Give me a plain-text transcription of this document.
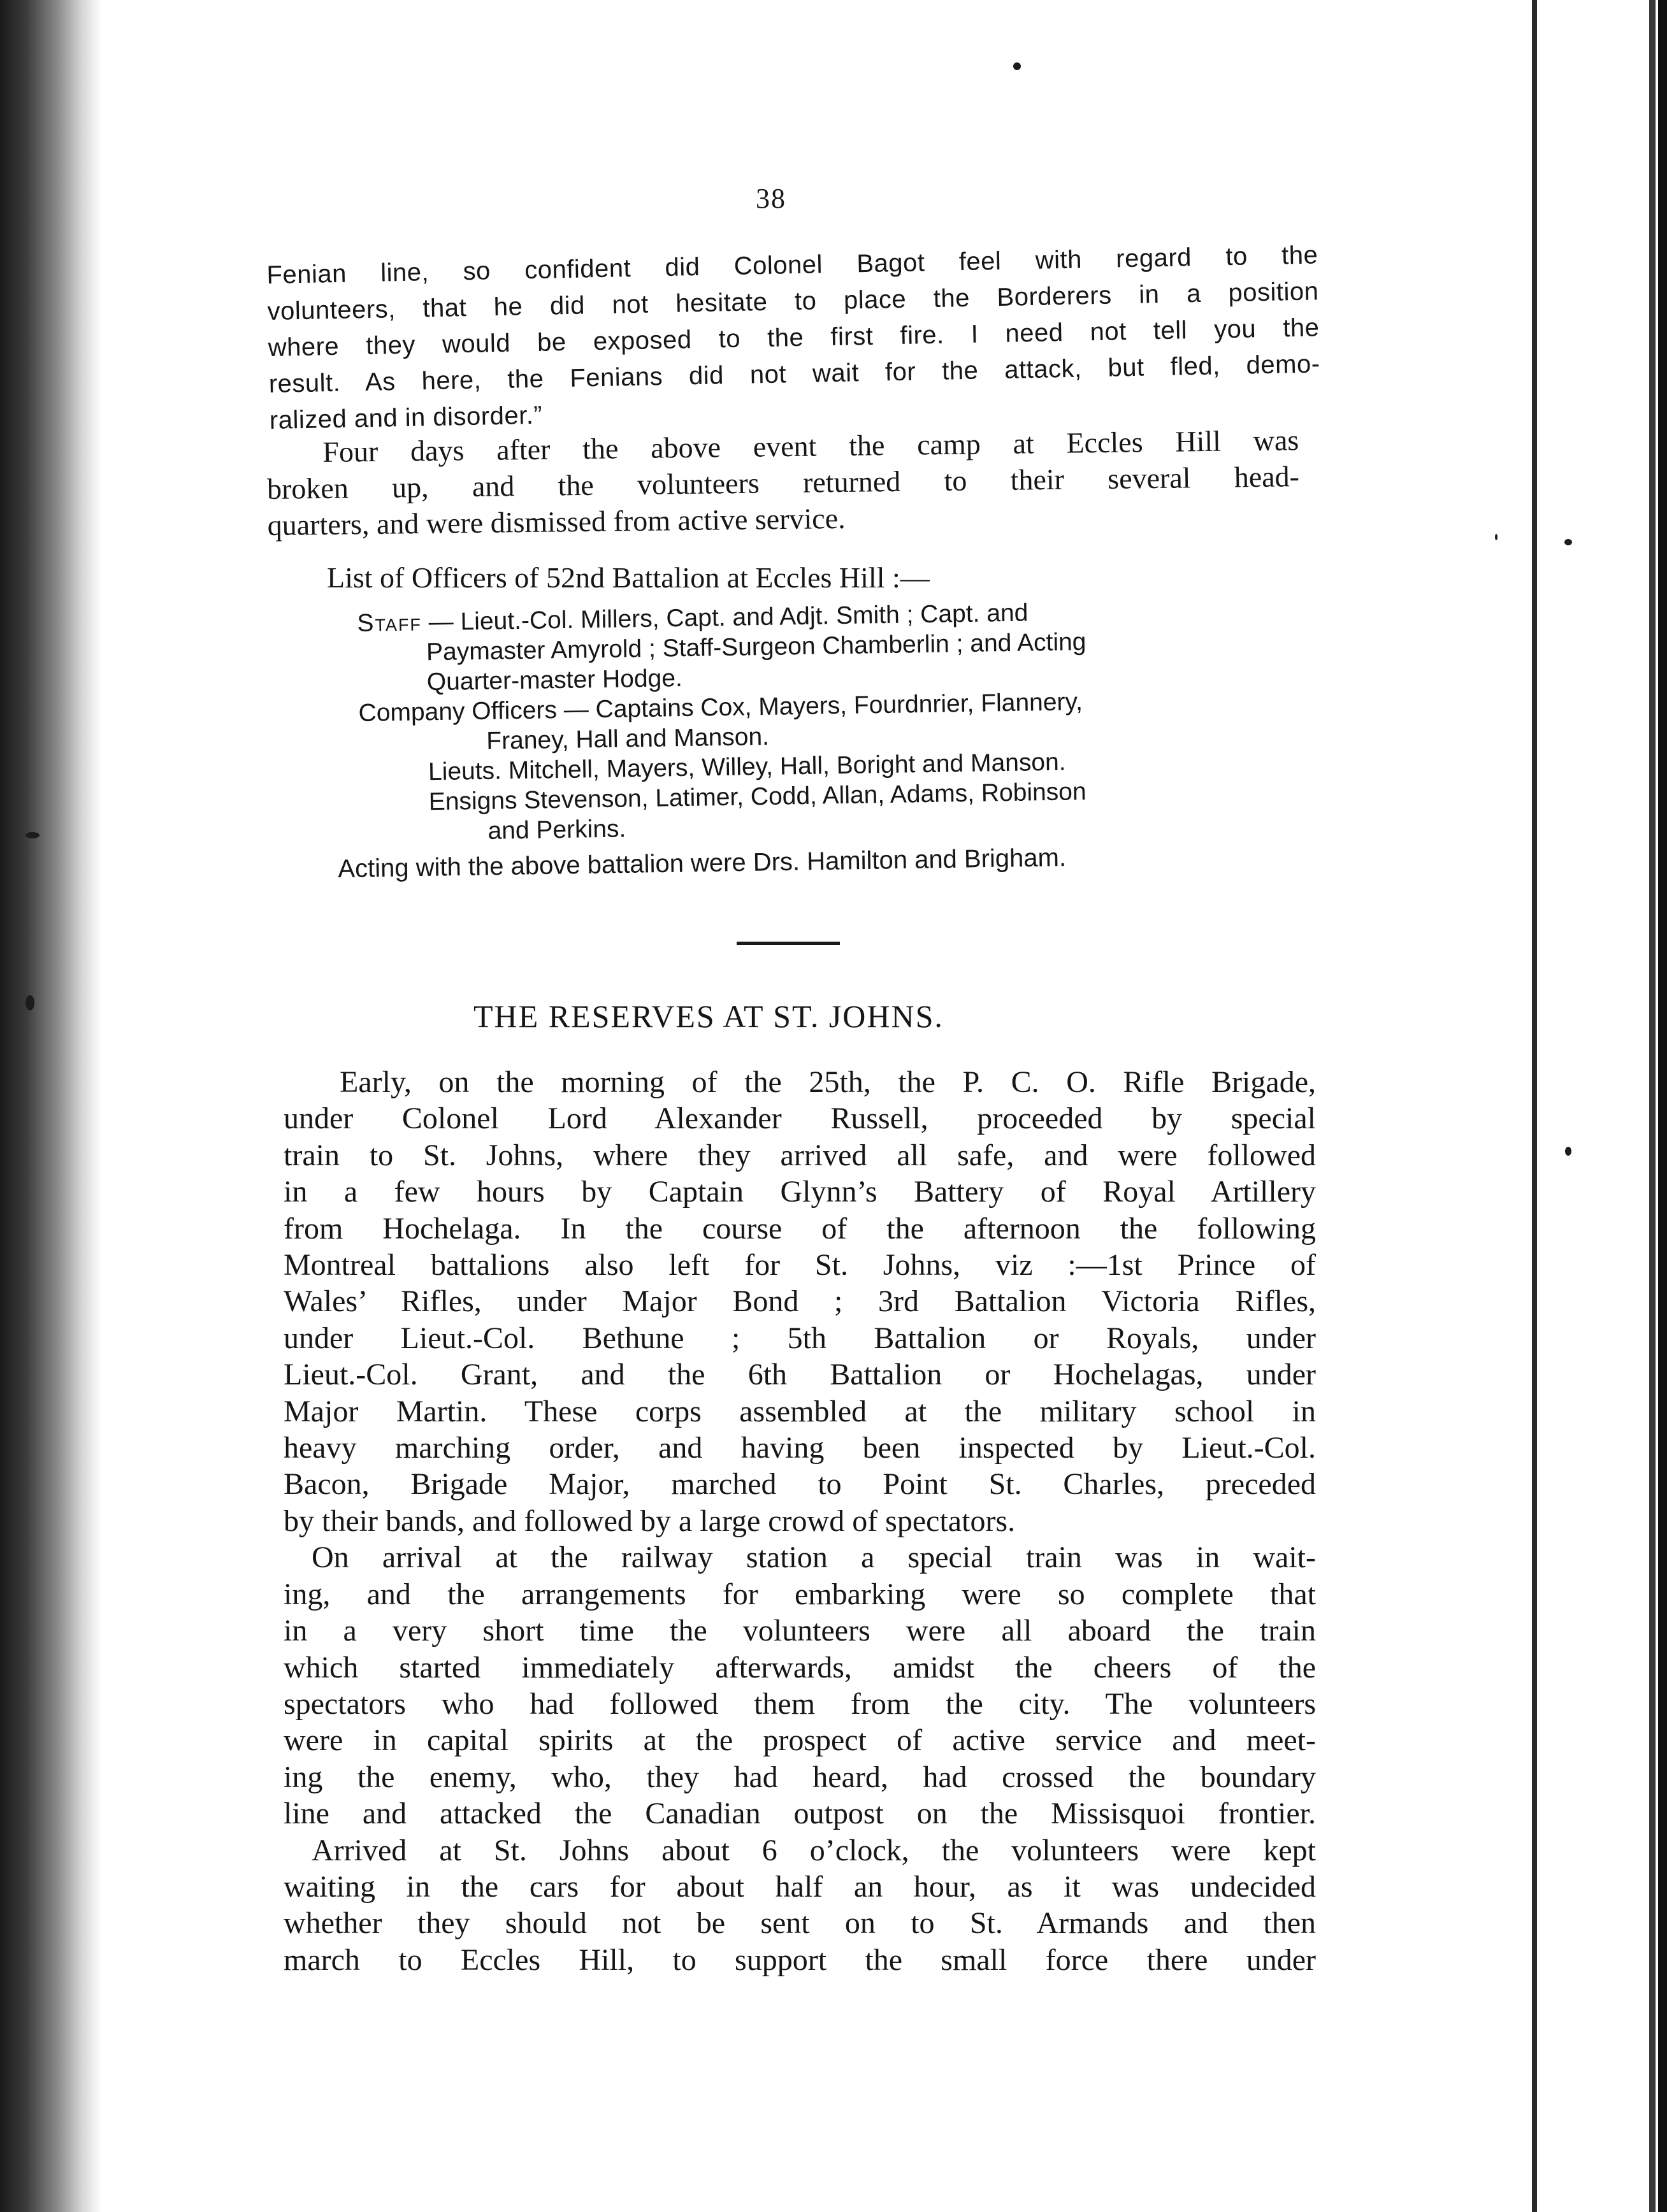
38
Fenian line, so confident did Colonel Bagot feel with regard to the
volunteers, that he did not hesitate to place the Borderers in a position
where they would be exposed to the first fire. I need not tell you the
result. As here, the Fenians did not wait for the attack, but fled, demo-
ralized and in disorder.”
Four days after the above event the camp at Eccles Hill was
broken up, and the volunteers returned to their several head-
quarters, and were dismissed from active service.
List of Officers of 52nd Battalion at Eccles Hill :—
Staff — Lieut.-Col. Millers, Capt. and Adjt. Smith ; Capt. and
Paymaster Amyrold ; Staff-Surgeon Chamberlin ; and Acting
Quarter-master Hodge.
Company Officers — Captains Cox, Mayers, Fourdnrier, Flannery,
Franey, Hall and Manson.
Lieuts. Mitchell, Mayers, Willey, Hall, Boright and Manson.
Ensigns Stevenson, Latimer, Codd, Allan, Adams, Robinson
and Perkins.
Acting with the above battalion were Drs. Hamilton and Brigham.
THE RESERVES AT ST. JOHNS.
Early, on the morning of the 25th, the P. C. O. Rifle Brigade,
under Colonel Lord Alexander Russell, proceeded by special
train to St. Johns, where they arrived all safe, and were followed
in a few hours by Captain Glynn’s Battery of Royal Artillery
from Hochelaga. In the course of the afternoon the following
Montreal battalions also left for St. Johns, viz :—1st Prince of
Wales’ Rifles, under Major Bond ; 3rd Battalion Victoria Rifles,
under Lieut.-Col. Bethune ; 5th Battalion or Royals, under
Lieut.-Col. Grant, and the 6th Battalion or Hochelagas, under
Major Martin. These corps assembled at the military school in
heavy marching order, and having been inspected by Lieut.-Col.
Bacon, Brigade Major, marched to Point St. Charles, preceded
by their bands, and followed by a large crowd of spectators.
On arrival at the railway station a special train was in wait-
ing, and the arrangements for embarking were so complete that
in a very short time the volunteers were all aboard the train
which started immediately afterwards, amidst the cheers of the
spectators who had followed them from the city. The volunteers
were in capital spirits at the prospect of active service and meet-
ing the enemy, who, they had heard, had crossed the boundary
line and attacked the Canadian outpost on the Missisquoi frontier.
Arrived at St. Johns about 6 o’clock, the volunteers were kept
waiting in the cars for about half an hour, as it was undecided
whether they should not be sent on to St. Armands and then
march to Eccles Hill, to support the small force there under
